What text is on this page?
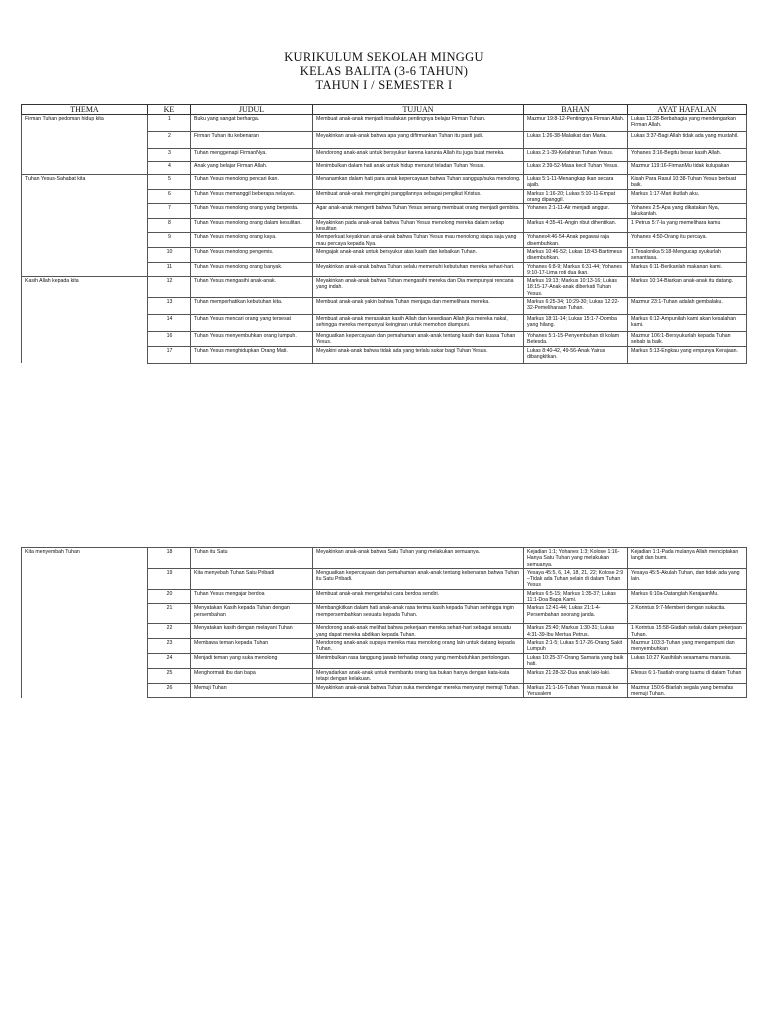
KURIKULUM SEKOLAH MINGGU
KELAS BALITA (3-6 TAHUN)
TAHUN I / SEMESTER I
THEMA	KE	JUDUL	TUJUAN	BAHAN	AYAT HAFALAN
Firman Tuhan pedoman hidup kita	1	Buku yang sangat berharga.	Membuat anak-anak menjadi insafakan pentingnya belajar Firman Tuhan.	Mazmur 19:8-12-Pentingnya Firman Allah.	Lukas 11:28-Berbahagia yang mendengarkan Firman Allah.
	2	Firman Tuhan itu kebenaran	Meyakinkan anak-anak bahwa apa yang difirmankan Tuhan itu pasti jadi.	Lukas 1:26-38-Malaikat dan Maria.	Lukas 3:37-Bagi Allah tidak ada yang mustahil.
	3	Tuhan menggenapi FirmanNya.	Mendorong anak-anak untuk bersyukur karena karunia Allah itu juga buat mereka.	Lukas 2:1-39-Kelahiran Tuhan Yesus.	Yohanes 3:16-Begitu besar kasih Allah.
	4	Anak yang belajar Firman Allah.	Menimbulkan dalam hati anak untuk hidup menurut teladan Tuhan Yesus.	Lukas 2:39-52-Masa kecil Tuhan Yesus.	Mazmur 119:16-FirmanMu tidak kulupakan
Tuhan Yesus-Sahabat kita	5	Tuhan Yesus menolong pencari ikan.	Menanamkan dalam hati para anak kepercayaan bahwa Tuhan sanggup/suka menolong.	Lukas 5:1-11-Menangkap ikan secara ajaib.	Kisah Para Rasul 10:38-Tuhan Yesus berbuat baik.
	6	Tuhan Yesus memanggil beberapa nelayan.	Membuat anak-anak mengingini panggilannya sebagai pengikut Kristus.	Markus 1:16-20; Lukas 5:10-11-Empat orang dipanggil.	Markus 1:17-Mari ikutlah aku.
	7	Tuhan Yesus menolong orang yang berpesta.	Agar anak-anak mengerti bahwa Tuhan Yesus senang membuat orang menjadi gembira.	Yohanes 2:1-11-Air menjadi anggur.	Yohanes 2:5-Apa yang dikatakan Nya, lakukanlah.
	8	Tuhan Yesus menolong orang dalam kesulitan.	Meyakinkan pada anak-anak bahwa Tuhan Yesus menolong mereka dalam setiap kesulitan	Markus 4:35-41-Angin ribut dihentikan.	1 Petrus 5:7-Ia yang memelihara kamu
	9	Tuhan Yesus menolong orang kaya.	Memperkuat keyakinan anak-anak bahwa Tuhan Yesus mau menolong siapa saja yang mau percaya kepada Nya.	Yohanes4:46-54-Anak pegawai raja disembuhkan.	Yohanes 4:50-Orang itu percaya.
	10	Tuhan Yesus menolong pengemis.	Mengajak anak-anak untuk bersyukur atas kasih dan kebaikan Tuhan.	Markus 10:46-52; Lukas 18:43-Bartimeus disembuhkan.	1 Tesalonika 5:18-Mengucap syukurlah senantiasa.
	11	Tuhan Yesus menolong orang banyak.	Meyakinkan anak-anak bahwa Tuhan selalu memenuhi kebutuhan mereka sehari-hari.	Yohanes 6:8-9; Markus 6:31-44; Yohanes 9:10-17-Lima roti dua ikan.	Markus 6:11-Berikanlah makanan kami.
Kasih Allah kepada kita	12	Tuhan Yesus mengasihi anak-anak.	Meyakinkan anak-anak bahwa Tuhan mengasihi mereka dan Dia mempunyai rencana yang indah.	Markus 19:13; Markus 10:13-16; Lukas 18:15-17-Anak-anak diberkati Tuhan Yesus.	Markus 10:14-Biarkan anak-anak itu datang.
	13	Tuhan memperhatikan kebutuhan kita.	Membuat anak-anak yakin bahwa Tuhan menjaga dan memelihara mereka.	Markus 6:25-34; 10:29-30; Lukas 12:22-32-Pemeliharaan Tuhan.	Mazmur 23:1-Tuhan adalah gembalaku.
	14	Tuhan Yesus mencari orang yang tersesat	Membuat anak-anak merasakan kasih Allah dan kesediaan Allah jika mereka nakal, sehingga mereka mempunyai keinginan untuk memohon diampuni.	Markus 18:11-14; Lukas 15:1-7-Domba yang hilang.	Markus 6:12-Ampunilah kami akan kesalahan kami.
	16	Tuhan Yesus menyembuhkan orang lumpuh.	Menguatkan kepercayaan dan pemahaman anak-anak tentang kasih dan kuasa Tuhan Yesus.	Yohanes 5:1-15-Penyembuhan di kolam Betesda.	Mazmur 106:1-Bersyukurlah kepada Tuhan sebab ia baik.
	17	Tuhan Yesus menghidupkan Orang Mati.	Meyakini anak-anak bahwa tidak ada yang terlalu sukar bagi Tuhan Yesus.	Lukas 8:40-42, 49-56-Anak Yairus dibangkitkan.	Markus 5:13-Engkau yang empunya Kerajaan.
Kita menyembah Tuhan	18	Tuhan itu Satu	Meyakinkan anak-anak bahwa Satu Tuhan yang melakukan semuanya.	Kejadian 1:1; Yohanes 1:3; Kolose 1:16-Hanya Satu Tuhan yang melakukan semuanya.	Kejadian 1:1-Pada mulanya Allah menciptakan langit dan bumi.
	19	Kita menyebah Tuhan Satu Pribadi	Menguatkan kepercayaan dan pemahaman anak-anak tentang kebenaran bahwa Tuhan itu Satu Pribadi.	Yesaya 45:5, 6, 14, 18, 21, 22; Kolose 2:9 –Tidak ada Tuhan selain di dalam Tuhan Yesus	Yesaya 45:5-Akulah Tuhan, dan tidak ada yang lain.
	20	Tuhan Yesus mengajar berdoa	Membuat anak-anak mengetahui cara berdoa sendiri.	Markus 6:5-15; Markus 1:35-37; Lukas 11:1-Doa Bapa Kami.	Markus 6:10a-Datanglah KerajaanMu.
	21	Menyatakan Kasih kepada Tuhan dengan persembahan	Membangkitkan dalam hati anak-anak rasa terima kasih kepada Tuhan sehingga ingin mempersembahkan sesuatu kepada Tuhan.	Markus 12:41-44; Lukas 21:1-4-Persembahan seorang janda.	2 Korintus 9:7-Memberi dengan sukacita.
	22	Menyatakan kasih dengan melayani Tuhan	Mendorong anak-anak melihat bahwa pekerjaan mereka sehari-hari sebagai sesuatu yang dapat mereka abdikan kepada Tuhan.	Markus 25:40; Markus 1:30-31; Lukas 4:31-39-Ibu Mertua Petrus.	1 Korintus 15:58-Giatlah selalu dalam pekerjaan Tuhan.
	23	Membawa teman kepada Tuhan	Mendorong anak-anak supaya mereka mau menolong orang lain untuk datang kepada Tuhan.	Markus 2:1-5; Lukas 5:17-26-Orang Sakit Lumpuh	Mazmur 103:3-Tuhan yang mengampuni dan menyembuhkan
	24	Menjadi teman yang suka menolong	Menimbulkan rasa tanggung jawab terhadap orang yang membutuhkan pertolongan.	Lukas 10:25-37-Orang Samaria yang baik hati.	Lukas 10:27 Kasihilah sesamamu manusia.
	25	Menghormati ibu dan bapa	Menyadarkan anak-anak untuk membantu orang tua bukan hanya dengan kata-kata tetapi dengan kelakuan.	Markus 21:28-32-Dua anak laki-laki.	Efesus 6:1-Taatlah orang tuamu di dalam Tuhan
	26	Memuji Tuhan	Meyakinkan anak-anak bahwa Tuhan suka mendengar mereka menyanyi memuji Tuhan.	Markus 21:1-16-Tuhan Yesus masuk ke Yerusalem	Mazmur 150:6-Biarlah segala yang bernafas memuji Tuhan.
